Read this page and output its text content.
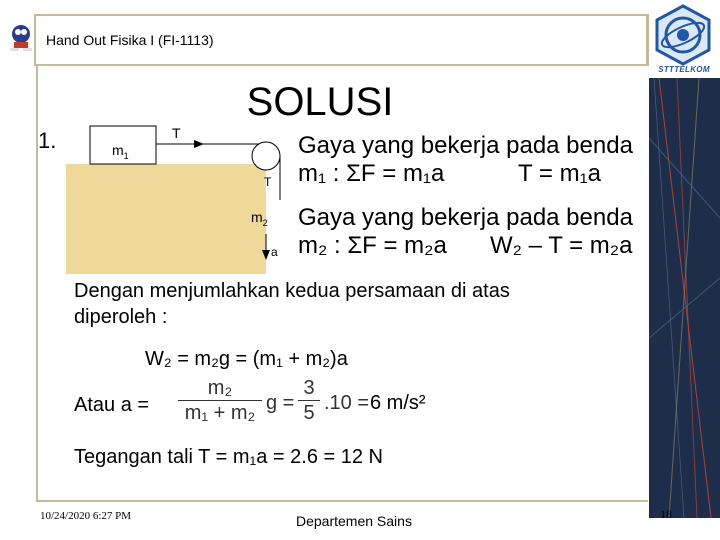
Hand Out Fisika I (FI-1113)
STTTELKOM
SOLUSI
1.	$m_1$
T
T
$m_2$
a
Gaya yang bekerja pada benda
m₁ : ΣF = m₁a	T = m₁a
Gaya yang bekerja pada benda
m₂ : ΣF = m₂a W₂ – T = m₂a
Dengan menjumlahkan kedua persamaan di atas
diperoleh :
W₂ = m₂g = (m₁ + m₂)a
Atau a =
m₂
m₁ + m₂ g =
3
5 .10 = 6 m/s²
Tegangan tali T = m₁a = 2.6 = 12 N
10/24/2020 6:27 PM	Departemen Sains	18
